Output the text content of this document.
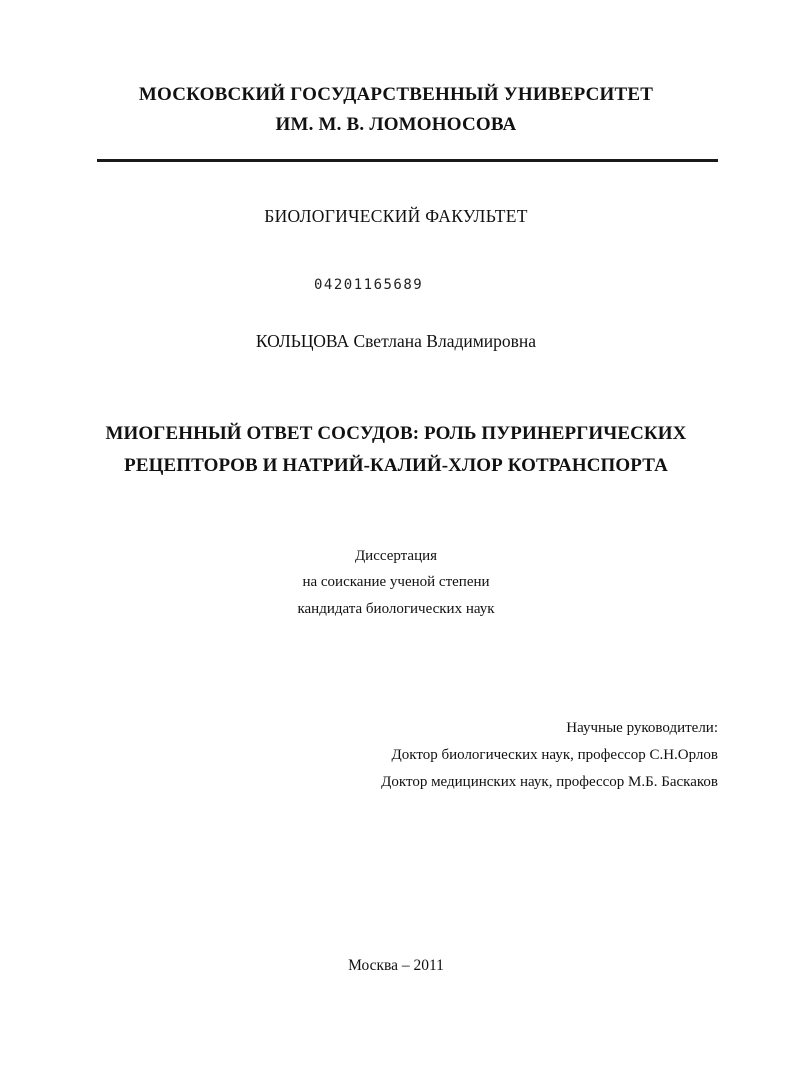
МОСКОВСКИЙ ГОСУДАРСТВЕННЫЙ УНИВЕРСИТЕТ
ИМ. М. В. ЛОМОНОСОВА
БИОЛОГИЧЕСКИЙ ФАКУЛЬТЕТ
04201165689
КОЛЬЦОВА Светлана Владимировна
МИОГЕННЫЙ ОТВЕТ СОСУДОВ: РОЛЬ ПУРИНЕРГИЧЕСКИХ
РЕЦЕПТОРОВ И НАТРИЙ-КАЛИЙ-ХЛОР КОТРАНСПОРТА
Диссертация
на соискание ученой степени
кандидата биологических наук
Научные руководители:
Доктор биологических наук, профессор С.Н.Орлов
Доктор медицинских наук, профессор М.Б. Баскаков
Москва – 2011
